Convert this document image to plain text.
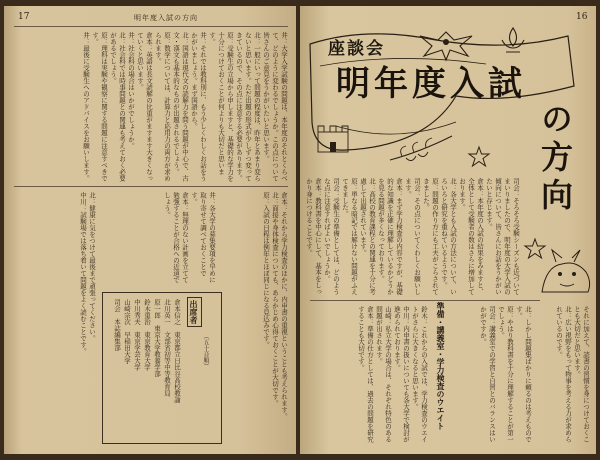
17	明年度入試の方向
井：大学入学試験の問題は、本年度のそれとくらべて、どのように変わるでしょうか。この点について皆さんのご意見をうかがいたいと思います。
北：一般にいって問題の程度は、昨年とあまり変らないと思います。ただ出題の形式が少しずつ変ってきているので、その点に注意する必要があります。
原：受験生の立場から申しますと、基礎的な学力を十分につけておくことが何よりも大切だと思います。
井：それでは教科別に、もう少しくわしくお話をうかがいましょう。まず国語から。
北：国語は現代文の読解力を問う問題が中心で、古文・漢文も基本的なものが出題されるでしょう。
原：数学については、計算力と応用力の両方が求められます。
倉本：英語は長文読解の比重がますます大きくなっていくと思います。
井：社会科の場合はいかがでしょうか。
北：社会科では時事問題との関連も考えておく必要があるでしょう。
原：理科は実験や観察に関する問題に注意すべきです。
井：最後に受験生へのアドバイスをお願いします。

倉本：それから学力検査のほかに、内申書の重視ということも考えられます。
北：面接や身体検査についても、あらかじめ心得ておくことが大切です。
原：入試の日程は例年とほぼ同じになる見込みです。

北：健康に気をつけて最後まで頑張ってください。
中川：試験場では落ち着いて問題をよく読むことです。	井：各大学の募集要項を早めに取り寄せて調べておくことです。
倉本：無理のない計画を立てて勉強することが合格への近道でしょう。

出席者
倉本信之　東京都立日比谷高校教諭
北川英一　文部省初等中等教育局
原一郎　東京大学教養学部
鈴木重治　東京教育大学
中川秀夫　東京学芸大学
山崎宗次　早稲田大学
司会　本誌編集部	（五十音順）
16
座談会
明年度入試
の方向
司会：そろそろ受験シーズンも近づいてまいりましたので、明年度の大学入試の傾向について、皆さんにお話をうかがいたいと存じます。
倉本：本年度の入試の結果をみますと、全体として受験者の数はさらに増加しております。
北：各大学とも入試の方法について、いろいろと研究を重ねているようです。
原：問題の作り方にも工夫がこらされてきました。
司会：その点についてくわしくお願いします。
倉本：まず学力検査の内容ですが、基礎的な知識を正確に理解しているかどうかを見る問題が多くなっております。
北：高校の教育課程との関連を十分に考慮して出題されています。
原：単なる暗記では解けない問題がふえてきました。
司会：受験生の準備としては、どのような点に注意すればよいでしょうか。
倉本：教科書を中心にして、基本をしっかり身につけることです。

準備・講義室・学力検査のウエイト
鈴木：これからの入試では、学力検査のウエイトがさらに大きくなると思います。
中川：内申書の扱いについても各大学で検討が進められております。
山崎：私立大学の場合は、それぞれ特色のある問題が出されます。
倉本：準備の仕方としては、過去の問題を研究することも大切です。	北：しかし問題集ばかりに頼るのは考えものです。
原：やはり教科書を十分に理解することが第一でしょう。
司会：講義室での学習と自習とのバランスはいかがですか。	それに加えて、読書の習慣を身につけておくことも大切だと思います。
北：広い視野をもって物事を考える力が求められているのです。
